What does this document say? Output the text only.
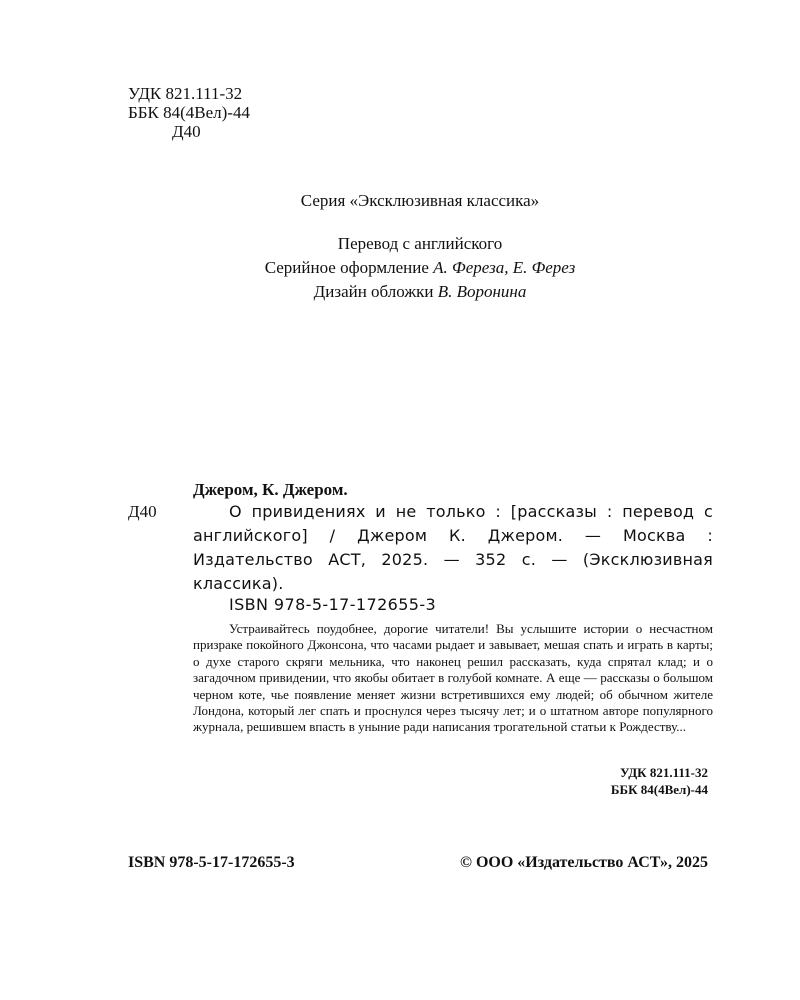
УДК 821.111-32
ББК 84(4Вел)-44
Д40
Серия «Эксклюзивная классика»
Перевод с английского
Серийное оформление А. Фереза, Е. Ферез
Дизайн обложки В. Воронина
Джером, К. Джером.
Д40	О привидениях и не только : [рассказы : перевод с английского] / Джером К. Джером. — Москва : Издательство АСТ, 2025. — 352 с. — (Эксклюзивная классика).
ISBN 978-5-17-172655-3
Устраивайтесь поудобнее, дорогие читатели! Вы услышите истории о несчастном призраке покойного Джонсона, что часами рыдает и завывает, мешая спать и играть в карты; о духе старого скряги мельника, что наконец решил рассказать, куда спрятал клад; и о загадочном привидении, что якобы обитает в голубой комнате. А еще — рассказы о большом черном коте, чье появление меняет жизни встретившихся ему людей; об обычном жителе Лондона, который лег спать и проснулся через тысячу лет; и о штатном авторе популярного журнала, решившем впасть в уныние ради написания трогательной статьи к Рождеству...
УДК 821.111-32
ББК 84(4Вел)-44
ISBN 978-5-17-172655-3	© ООО «Издательство АСТ», 2025
